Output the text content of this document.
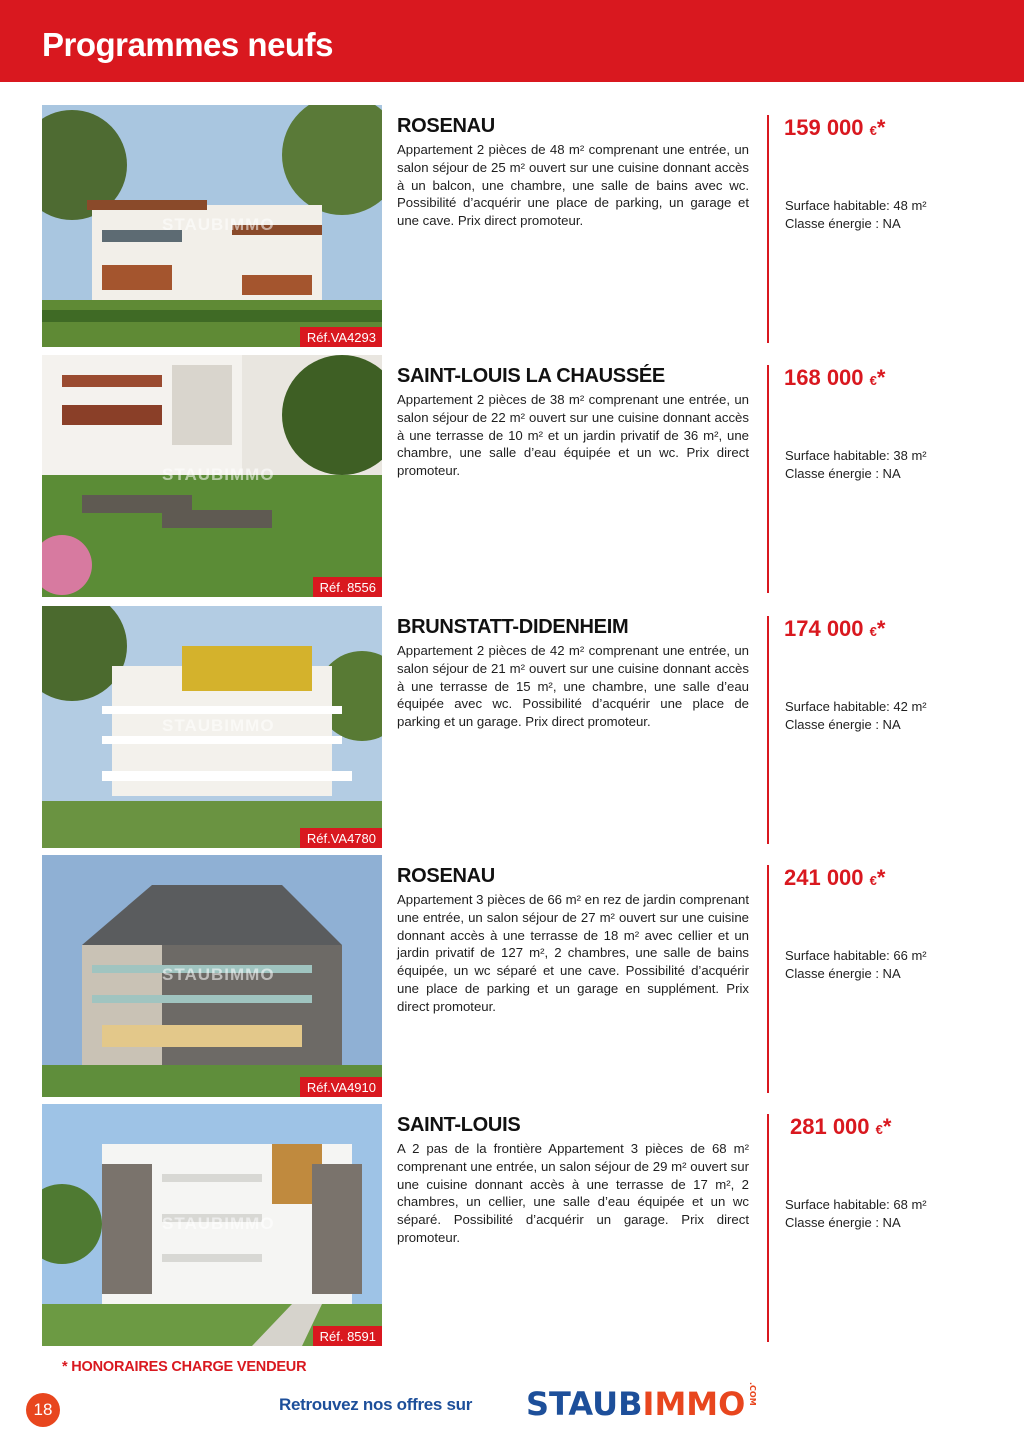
Programmes neufs
STAUBIMMO
Réf.VA4293
ROSENAU
Appartement 2 pièces de 48 m² comprenant une entrée, un salon séjour de 25 m² ouvert sur une cuisine donnant accès à un balcon, une chambre, une salle de bains avec wc. Possibilité d’acquérir une place de parking, un garage et une cave. Prix direct promoteur.
159 000 €*
Surface habitable: 48 m²
Classe énergie : NA
STAUBIMMO
Réf. 8556
SAINT-LOUIS LA CHAUSSÉE
Appartement 2 pièces de 38 m² comprenant une entrée, un salon séjour de 22 m² ouvert sur une cuisine donnant accès à une terrasse de 10 m² et un jardin privatif de 36 m², une chambre, une salle d’eau équipée et un wc. Prix direct promoteur.
168 000 €*
Surface habitable: 38 m²
Classe énergie : NA
STAUBIMMO
Réf.VA4780
BRUNSTATT-DIDENHEIM
Appartement 2 pièces de 42 m² comprenant une entrée, un salon séjour de 21 m² ouvert sur une cuisine donnant accès à une terrasse de 15 m², une chambre, une salle d’eau équipée avec wc. Possibilité d’acquérir une place de parking et un garage. Prix direct promoteur.
174 000 €*
Surface habitable: 42 m²
Classe énergie : NA
STAUBIMMO
Réf.VA4910
ROSENAU
Appartement 3 pièces de 66 m² en rez de jardin comprenant une entrée, un salon séjour de 27 m² ouvert sur une cuisine donnant accès à une terrasse de 18 m² avec cellier et un jardin privatif de 127 m², 2 chambres, une salle de bains équipée, un wc séparé et une cave. Possibilité d’acquérir une place de parking et un garage en supplément. Prix direct promoteur.
241 000 €*
Surface habitable: 66 m²
Classe énergie : NA
STAUBIMMO
Réf. 8591
SAINT-LOUIS
A 2 pas de la frontière Appartement 3 pièces de 68 m² comprenant une entrée, un salon séjour de 29 m² ouvert sur une cuisine donnant accès à une terrasse de 17 m², 2 chambres, un cellier, une salle d’eau équipée et un wc séparé. Possibilité d’acquérir un garage. Prix direct promoteur.
281 000 €*
Surface habitable: 68 m²
Classe énergie : NA
* HONORAIRES CHARGE VENDEUR
18	Retrouvez nos offres sur STAUBIMMO .COM
